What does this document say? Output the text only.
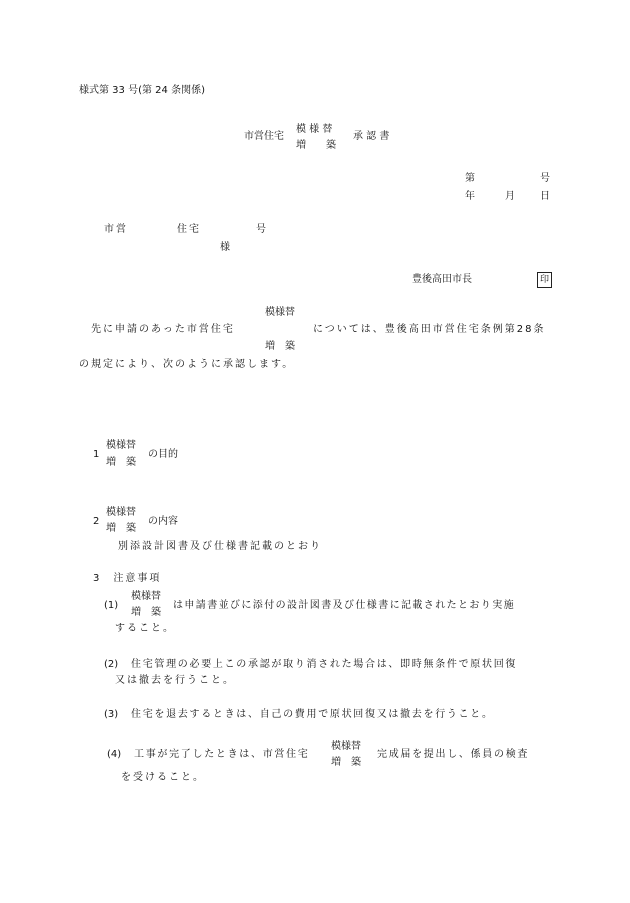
様式第 33 号(第 24 条関係)
市営住宅
模 様 替
増　　築
承 認 書
第	号
年	月	日
市営	住宅	号
様
豊後高田市長	印
模様替
先に申請のあった市営住宅	については、豊後高田市営住宅条例第28条
増　築
の規定により、次のように承認します。
1
模様替
増　築
の目的
2
模様替
増　築
の内容
別添設計図書及び仕様書記載のとおり
3　注意事項
(1)
模様替
増　築
は申請書並びに添付の設計図書及び仕様書に記載されたとおり実施
すること。
(2) 住宅管理の必要上この承認が取り消された場合は、即時無条件で原状回復
又は撤去を行うこと。
(3) 住宅を退去するときは、自己の費用で原状回復又は撤去を行うこと。
(4) 工事が完了したときは、市営住宅
模様替
増　築
完成届を提出し、係員の検査
を受けること。
